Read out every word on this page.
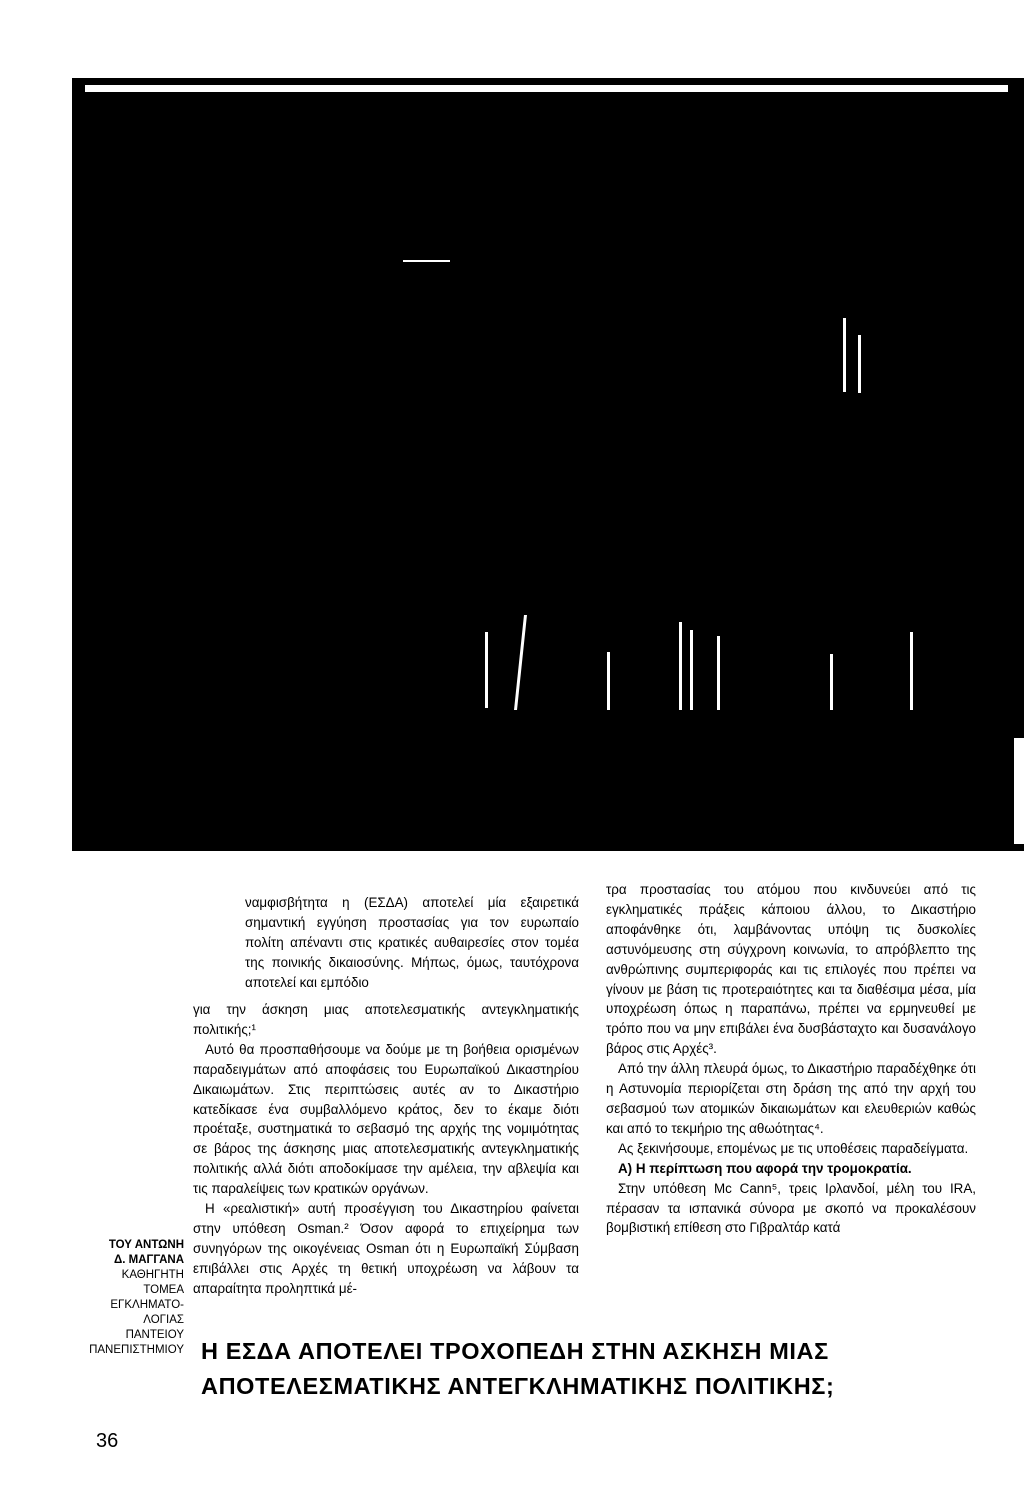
ναμφισβήτητα η (ΕΣΔΑ) αποτελεί μία εξαιρετικά σημαντική εγγύηση προστασίας για τον ευρωπαίο πολίτη απέναντι στις κρατικές αυθαιρεσίες στον τομέα της ποινικής δικαιοσύνης. Μήπως, όμως, ταυτόχρονα αποτελεί και εμπόδιο

για την άσκηση μιας αποτελεσματικής αντεγκληματικής πολιτικής;¹

Αυτό θα προσπαθήσουμε να δούμε με τη βοήθεια ορισμένων παραδειγμάτων από αποφάσεις του Ευρωπαϊκού Δικαστηρίου Δικαιωμάτων. Στις περιπτώσεις αυτές αν το Δικαστήριο κατεδίκασε ένα συμβαλλόμενο κράτος, δεν το έκαμε διότι προέταξε, συστηματικά το σεβασμό της αρχής της νομιμότητας σε βάρος της άσκησης μιας αποτελεσματικής αντεγκληματικής πολιτικής αλλά διότι αποδοκίμασε την αμέλεια, την αβλεψία και τις παραλείψεις των κρατικών οργάνων.

Η «ρεαλιστική» αυτή προσέγγιση του Δικαστηρίου φαίνεται στην υπόθεση Osman.² Όσον αφορά το επιχείρημα των συνηγόρων της οικογένειας Osman ότι η Ευρωπαϊκή Σύμβαση επιβάλλει στις Αρχές τη θετική υποχρέωση να λάβουν τα απαραίτητα προληπτικά μέ-

τρα προστασίας του ατόμου που κινδυνεύει από τις εγκληματικές πράξεις κάποιου άλλου, το Δικαστήριο αποφάνθηκε ότι, λαμβάνοντας υπόψη τις δυσκολίες αστυνόμευσης στη σύγχρονη κοινωνία, το απρόβλεπτο της ανθρώπινης συμπεριφοράς και τις επιλογές που πρέπει να γίνουν με βάση τις προτεραιότητες και τα διαθέσιμα μέσα, μία υποχρέωση όπως η παραπάνω, πρέπει να ερμηνευθεί με τρόπο που να μην επιβάλει ένα δυσβάσταχτο και δυσανάλογο βάρος στις Αρχές³.

Από την άλλη πλευρά όμως, το Δικαστήριο παραδέχθηκε ότι η Αστυνομία περιορίζεται στη δράση της από την αρχή του σεβασμού των ατομικών δικαιωμάτων και ελευθεριών καθώς και από το τεκμήριο της αθωότητας⁴.

Ας ξεκινήσουμε, επομένως με τις υποθέσεις παραδείγματα.

Α) Η περίπτωση που αφορά την τρομοκρατία.

Στην υπόθεση Mc Cann⁵, τρεις Ιρλανδοί, μέλη του IRA, πέρασαν τα ισπανικά σύνορα με σκοπό να προκαλέσουν βομβιστική επίθεση στο Γιβραλτάρ κατά

ΤΟΥ ΑΝΤΩΝΗ
Δ. ΜΑΓΓΑΝΑ
ΚΑΘΗΓΗΤΗ
ΤΟΜΕΑ
ΕΓΚΛΗΜΑΤΟ-
ΛΟΓΙΑΣ
ΠΑΝΤΕΙΟΥ
ΠΑΝΕΠΙΣΤΗΜΙΟΥ Η ΕΣΔΑ ΑΠΟΤΕΛΕΙ ΤΡΟΧΟΠΕΔΗ ΣΤΗΝ ΑΣΚΗΣΗ ΜΙΑΣ
ΑΠΟΤΕΛΕΣΜΑΤΙΚΗΣ ΑΝΤΕΓΚΛΗΜΑΤΙΚΗΣ ΠΟΛΙΤΙΚΗΣ;
36
